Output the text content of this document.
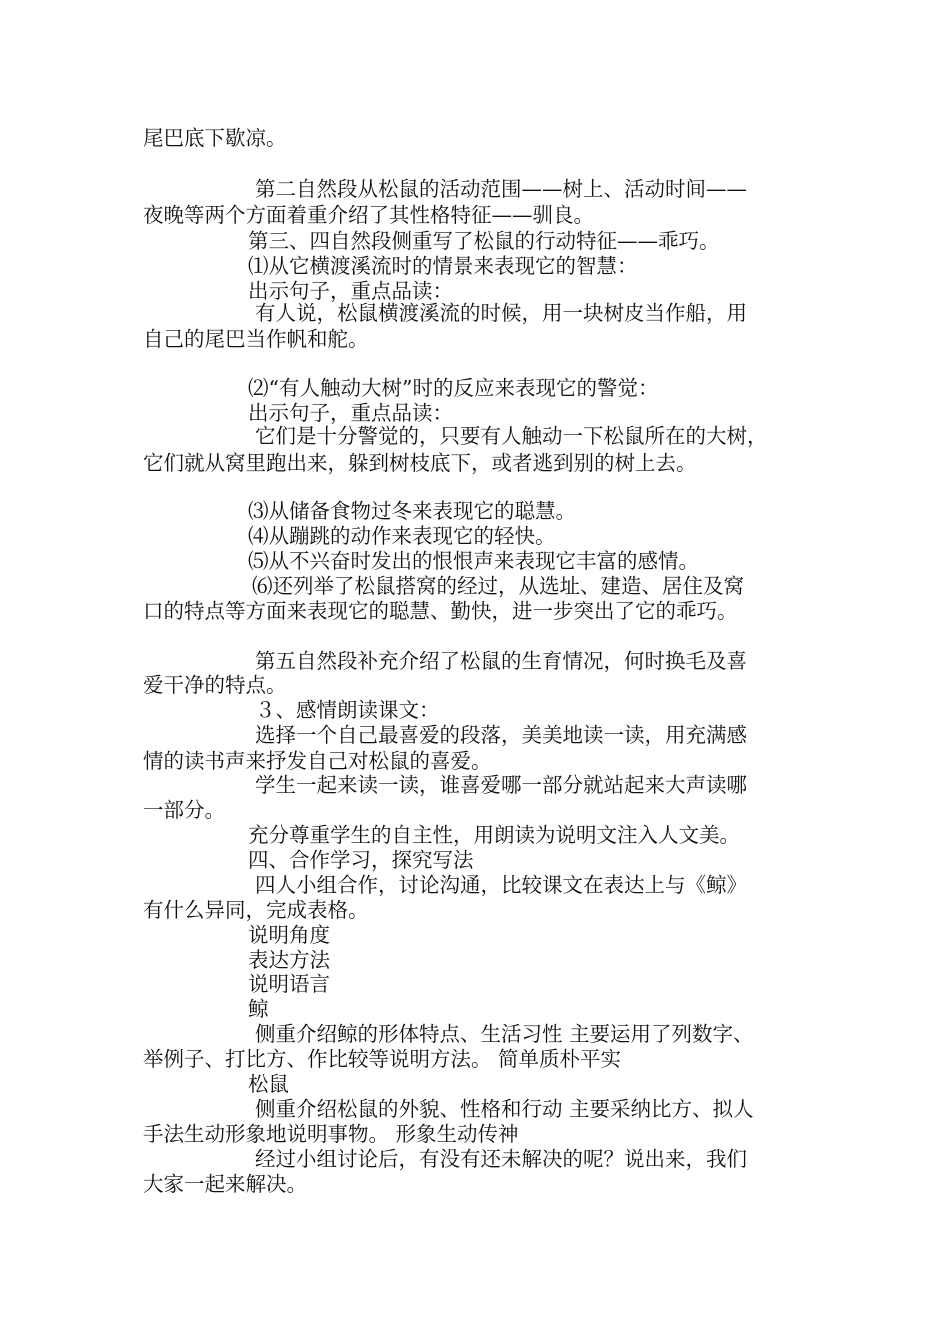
尾巴底下歇凉。
第二自然段从松鼠的活动范围——树上、活动时间——
夜晚等两个方面着重介绍了其性格特征——驯良。
第三、四自然段侧重写了松鼠的行动特征——乖巧。
⑴从它横渡溪流时的情景来表现它的智慧：
出示句子，重点品读：
有人说，松鼠横渡溪流的时候，用一块树皮当作船，用
自己的尾巴当作帆和舵。
⑵“有人触动大树”时的反应来表现它的警觉：
出示句子，重点品读：
它们是十分警觉的，只要有人触动一下松鼠所在的大树，
它们就从窝里跑出来，躲到树枝底下，或者逃到别的树上去。
⑶从储备食物过冬来表现它的聪慧。
⑷从蹦跳的动作来表现它的轻快。
⑸从不兴奋时发出的恨恨声来表现它丰富的感情。
⑹还列举了松鼠搭窝的经过，从选址、建造、居住及窝
口的特点等方面来表现它的聪慧、勤快，进一步突出了它的乖巧。
第五自然段补充介绍了松鼠的生育情况，何时换毛及喜
爱干净的特点。
３、感情朗读课文：
选择一个自己最喜爱的段落，美美地读一读，用充满感
情的读书声来抒发自己对松鼠的喜爱。
学生一起来读一读，谁喜爱哪一部分就站起来大声读哪
一部分。
充分尊重学生的自主性，用朗读为说明文注入人文美。
四、合作学习，探究写法
四人小组合作，讨论沟通，比较课文在表达上与《鲸》
有什么异同，完成表格。
说明角度
表达方法
说明语言
鲸
侧重介绍鲸的形体特点、生活习性 主要运用了列数字、
举例子、打比方、作比较等说明方法。 简单质朴平实
松鼠
侧重介绍松鼠的外貌、性格和行动 主要采纳比方、拟人
手法生动形象地说明事物。 形象生动传神
经过小组讨论后，有没有还未解决的呢？说出来，我们
大家一起来解决。
